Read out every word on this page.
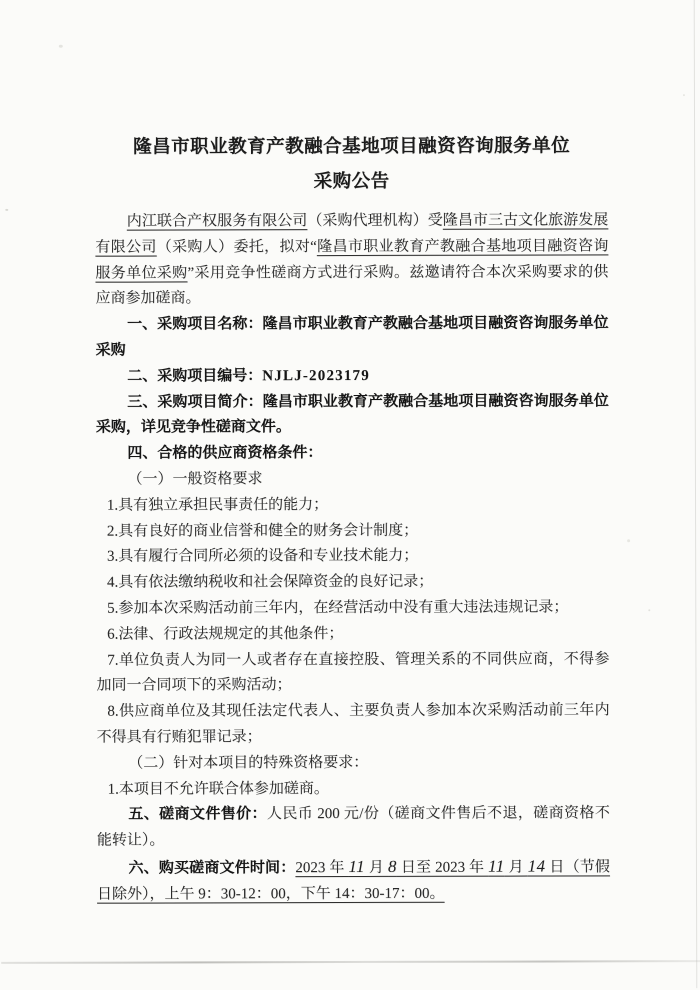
隆昌市职业教育产教融合基地项目融资咨询服务单位
采购公告

内江联合产权服务有限公司（采购代理机构）受隆昌市三古文化旅游发展有限公司（采购人）委托，拟对“隆昌市职业教育产教融合基地项目融资咨询服务单位采购”采用竞争性磋商方式进行采购。兹邀请符合本次采购要求的供应商参加磋商。

一、采购项目名称：隆昌市职业教育产教融合基地项目融资咨询服务单位采购

二、采购项目编号：NJLJ-2023179

三、采购项目简介：隆昌市职业教育产教融合基地项目融资咨询服务单位采购，详见竞争性磋商文件。

四、合格的供应商资格条件：

（一）一般资格要求

1.具有独立承担民事责任的能力；

2.具有良好的商业信誉和健全的财务会计制度；

3.具有履行合同所必须的设备和专业技术能力；

4.具有依法缴纳税收和社会保障资金的良好记录；

5.参加本次采购活动前三年内，在经营活动中没有重大违法违规记录；

6.法律、行政法规规定的其他条件；

7.单位负责人为同一人或者存在直接控股、管理关系的不同供应商，不得参加同一合同项下的采购活动；

8.供应商单位及其现任法定代表人、主要负责人参加本次采购活动前三年内不得具有行贿犯罪记录；

（二）针对本项目的特殊资格要求：

1.本项目不允许联合体参加磋商。

五、磋商文件售价：人民币 200 元/份（磋商文件售后不退，磋商资格不能转让）。

六、购买磋商文件时间：2023 年 11 月 8 日至 2023 年 11 月 14 日（节假日除外），上午 9：30-12：00，下午 14：30-17：00。
